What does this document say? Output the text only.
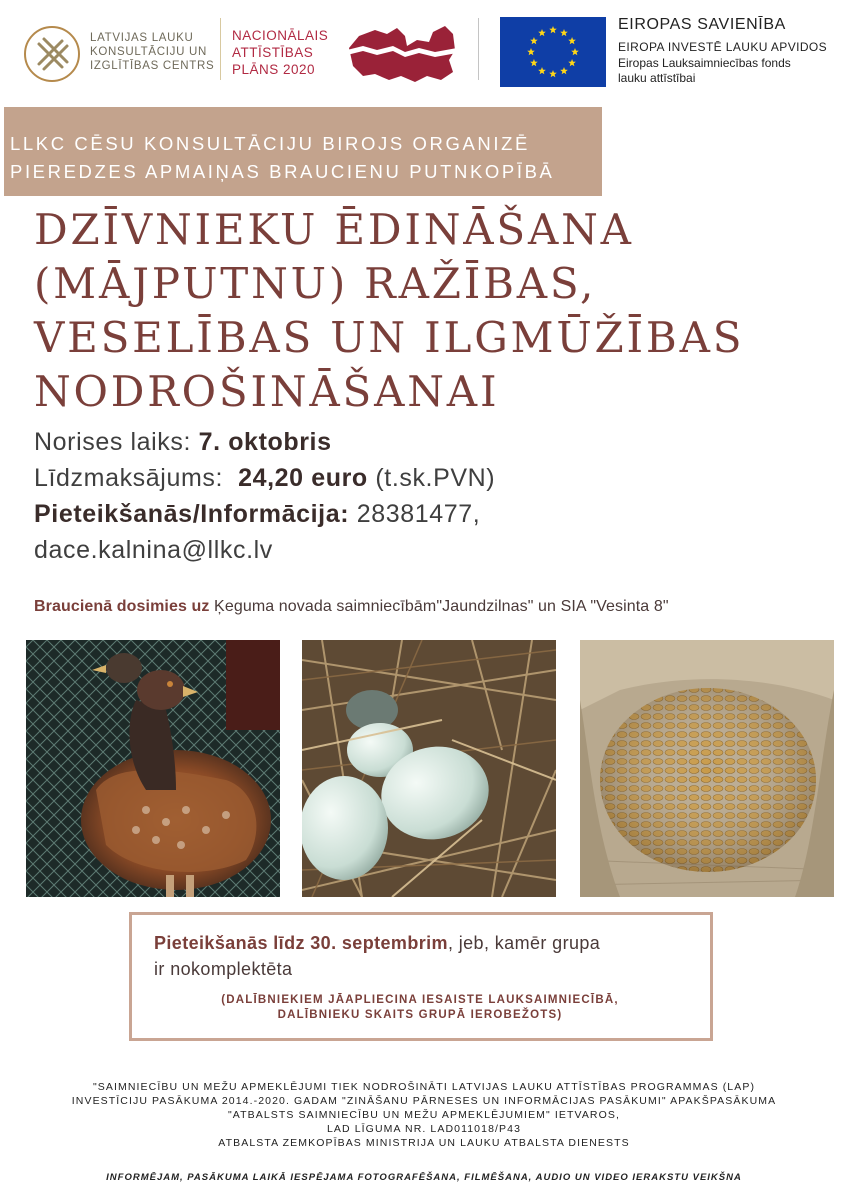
LATVIJAS LAUKU
KONSULTĀCIJU UN
IZGLĪTĪBAS CENTRS
NACIONĀLAIS
ATTĪSTĪBAS
PLĀNS 2020
EIROPAS SAVIENĪBA
EIROPA INVESTĒ LAUKU APVIDOS
Eiropas Lauksaimniecības fonds
lauku attīstībai
LLKC CĒSU KONSULTĀCIJU BIROJS ORGANIZĒ
PIEREDZES APMAIŅAS BRAUCIENU PUTNKOPĪBĀ
DZĪVNIEKU ĒDINĀŠANA
(MĀJPUTNU) RAŽĪBAS,
VESELĪBAS UN ILGMŪŽĪBAS
NODROŠINĀŠANAI
Norises laiks: 7. oktobris
Līdzmaksājums: 24,20 euro (t.sk.PVN)
Pieteikšanās/Informācija: 28381477,
dace.kalnina@llkc.lv
Braucienā dosimies uz Ķeguma novada saimniecībām"Jaundzilnas" un SIA "Vesinta 8"
Pieteikšanās līdz 30. septembrim, jeb, kamēr grupa
ir nokomplektēta
(DALĪBNIEKIEM JĀAPLIECINA IESAISTE LAUKSAIMNIECĪBĀ,
DALĪBNIEKU SKAITS GRUPĀ IEROBEŽOTS)
"SAIMNIECĪBU UN MEŽU APMEKLĒJUMI TIEK NODROŠINĀTI LATVIJAS LAUKU ATTĪSTĪBAS PROGRAMMAS (LAP)
INVESTĪCIJU PASĀKUMA 2014.-2020. GADAM "ZINĀŠANU PĀRNESES UN INFORMĀCIJAS PASĀKUMI" APAKŠPASĀKUMA
"ATBALSTS SAIMNIECĪBU UN MEŽU APMEKLĒJUMIEM" IETVAROS,
LAD LĪGUMA NR. LAD011018/P43
ATBALSTA ZEMKOPĪBAS MINISTRIJA UN LAUKU ATBALSTA DIENESTS
INFORMĒJAM, PASĀKUMA LAIKĀ IESPĒJAMA FOTOGRAFĒŠANA, FILMĒŠANA, AUDIO UN VIDEO IERAKSTU VEIKŠNA
